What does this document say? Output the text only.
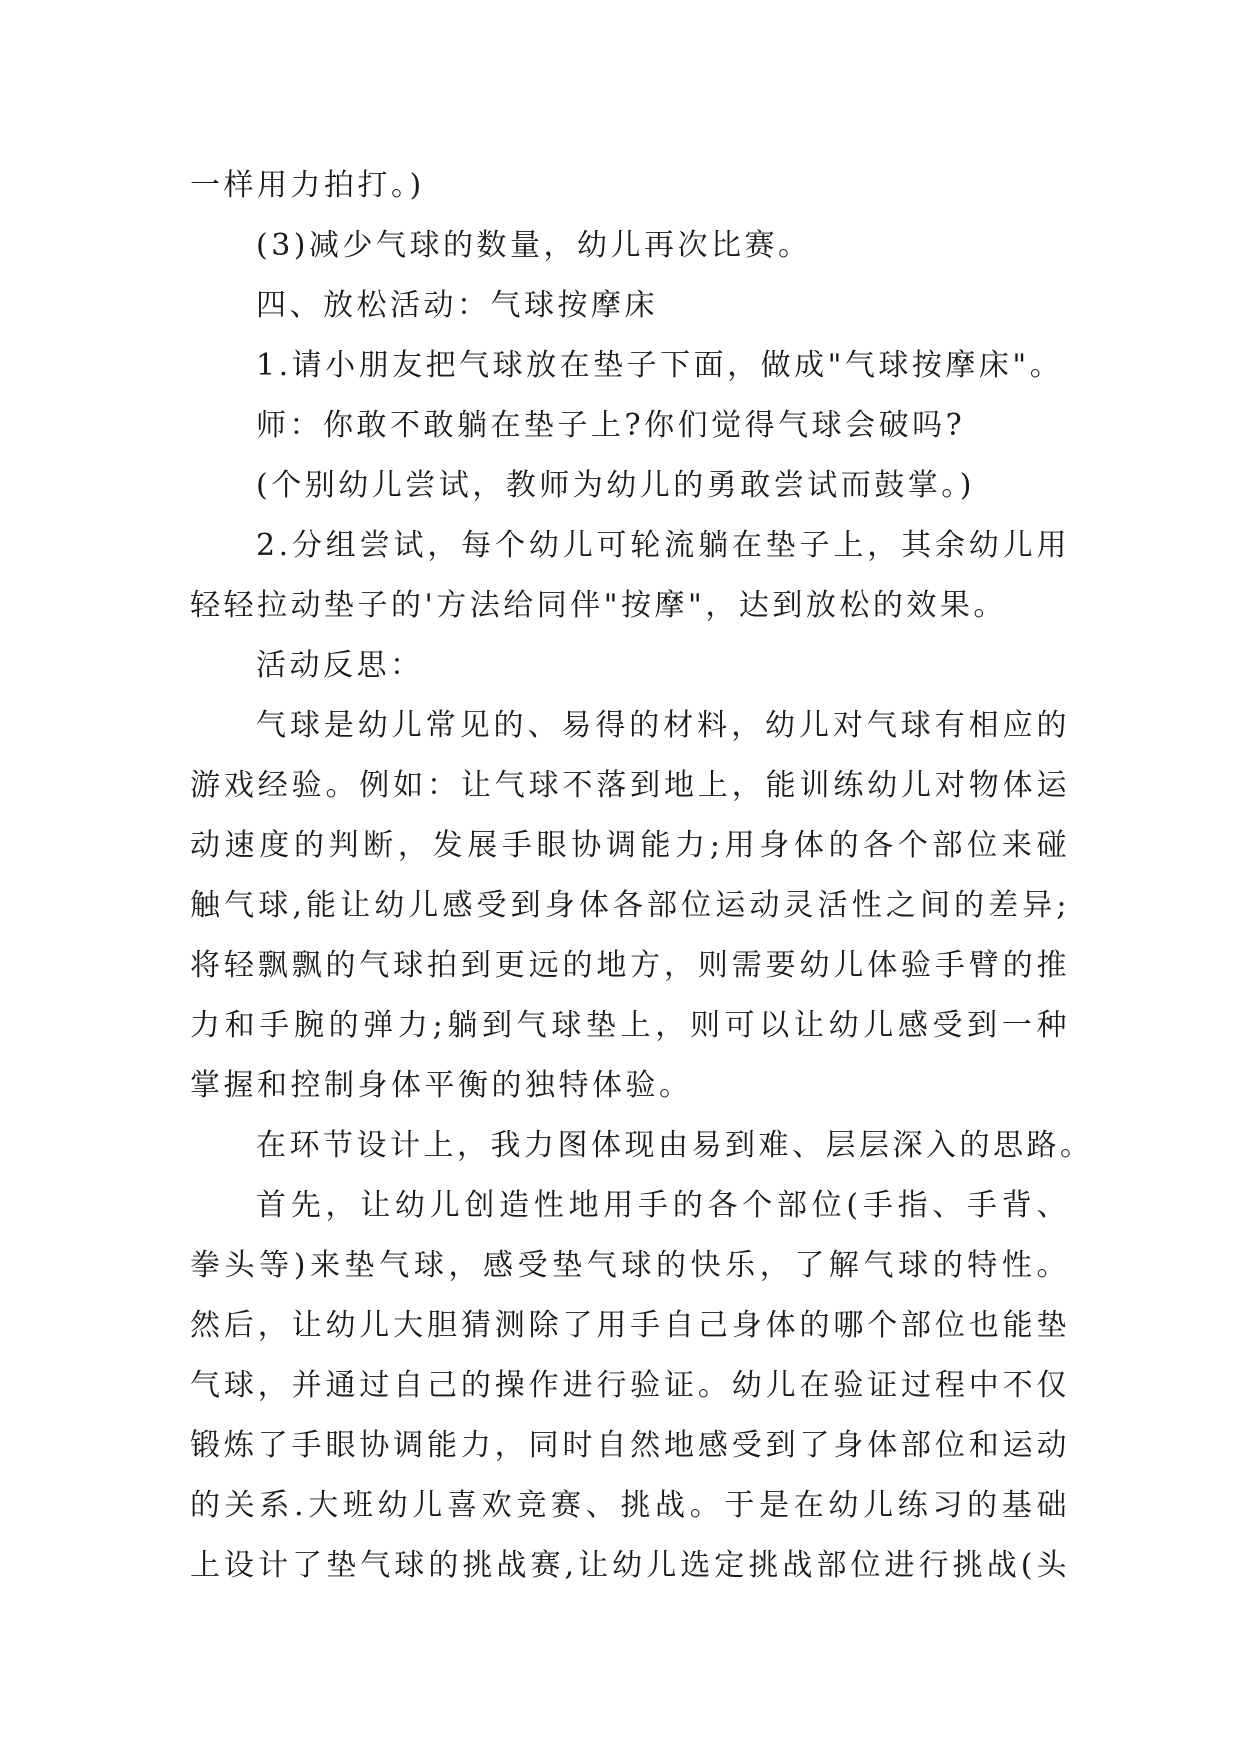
一样用力拍打。)
(3)减少气球的数量，幼儿再次比赛。
四、放松活动：气球按摩床
1.请小朋友把气球放在垫子下面，做成"气球按摩床"。
师：你敢不敢躺在垫子上?你们觉得气球会破吗?
(个别幼儿尝试，教师为幼儿的勇敢尝试而鼓掌。)
2.分组尝试，每个幼儿可轮流躺在垫子上，其余幼儿用
轻轻拉动垫子的'方法给同伴"按摩"，达到放松的效果。
活动反思：
气球是幼儿常见的、易得的材料，幼儿对气球有相应的
游戏经验。例如：让气球不落到地上，能训练幼儿对物体运
动速度的判断，发展手眼协调能力;用身体的各个部位来碰
触气球,能让幼儿感受到身体各部位运动灵活性之间的差异;
将轻飘飘的气球拍到更远的地方，则需要幼儿体验手臂的推
力和手腕的弹力;躺到气球垫上，则可以让幼儿感受到一种
掌握和控制身体平衡的独特体验。
在环节设计上，我力图体现由易到难、层层深入的思路。
首先，让幼儿创造性地用手的各个部位(手指、手背、
拳头等)来垫气球，感受垫气球的快乐，了解气球的特性。
然后，让幼儿大胆猜测除了用手自己身体的哪个部位也能垫
气球，并通过自己的操作进行验证。幼儿在验证过程中不仅
锻炼了手眼协调能力，同时自然地感受到了身体部位和运动
的关系.大班幼儿喜欢竞赛、挑战。于是在幼儿练习的基础
上设计了垫气球的挑战赛,让幼儿选定挑战部位进行挑战(头
